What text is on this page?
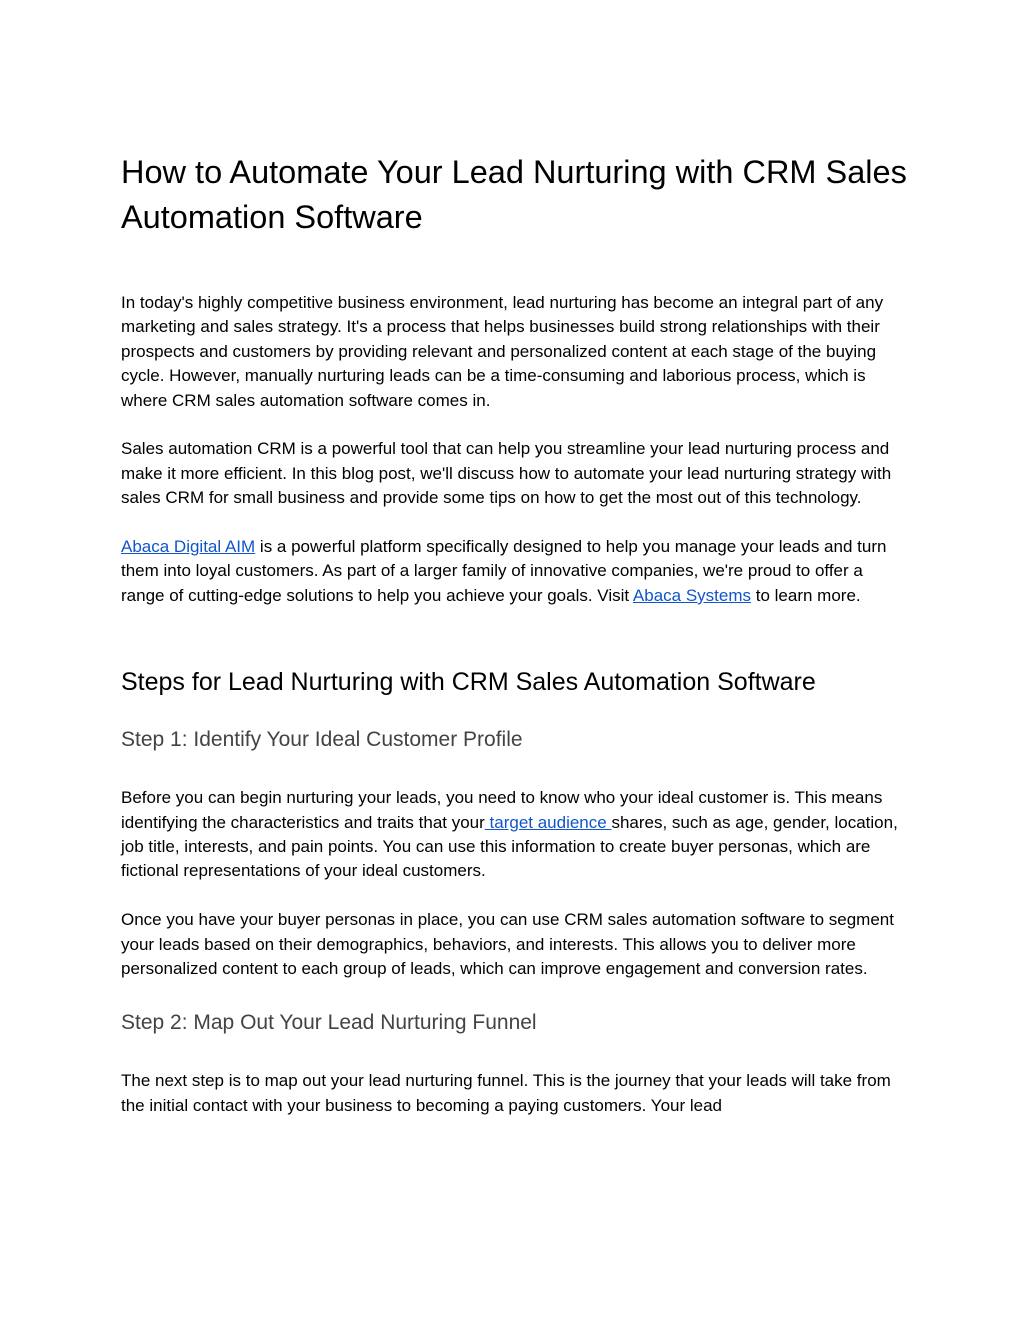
How to Automate Your Lead Nurturing with CRM Sales Automation Software

In today's highly competitive business environment, lead nurturing has become an integral part of any marketing and sales strategy. It's a process that helps businesses build strong relationships with their prospects and customers by providing relevant and personalized content at each stage of the buying cycle. However, manually nurturing leads can be a time-consuming and laborious process, which is where CRM sales automation software comes in.

Sales automation CRM is a powerful tool that can help you streamline your lead nurturing process and make it more efficient. In this blog post, we'll discuss how to automate your lead nurturing strategy with sales CRM for small business and provide some tips on how to get the most out of this technology.

Abaca Digital AIM is a powerful platform specifically designed to help you manage your leads and turn them into loyal customers. As part of a larger family of innovative companies, we're proud to offer a range of cutting-edge solutions to help you achieve your goals. Visit Abaca Systems to learn more.

Steps for Lead Nurturing with CRM Sales Automation Software
Step 1: Identify Your Ideal Customer Profile

Before you can begin nurturing your leads, you need to know who your ideal customer is. This means identifying the characteristics and traits that your target audience shares, such as age, gender, location, job title, interests, and pain points. You can use this information to create buyer personas, which are fictional representations of your ideal customers.

Once you have your buyer personas in place, you can use CRM sales automation software to segment your leads based on their demographics, behaviors, and interests. This allows you to deliver more personalized content to each group of leads, which can improve engagement and conversion rates.

Step 2: Map Out Your Lead Nurturing Funnel

The next step is to map out your lead nurturing funnel. This is the journey that your leads will take from the initial contact with your business to becoming a paying customers. Your lead
